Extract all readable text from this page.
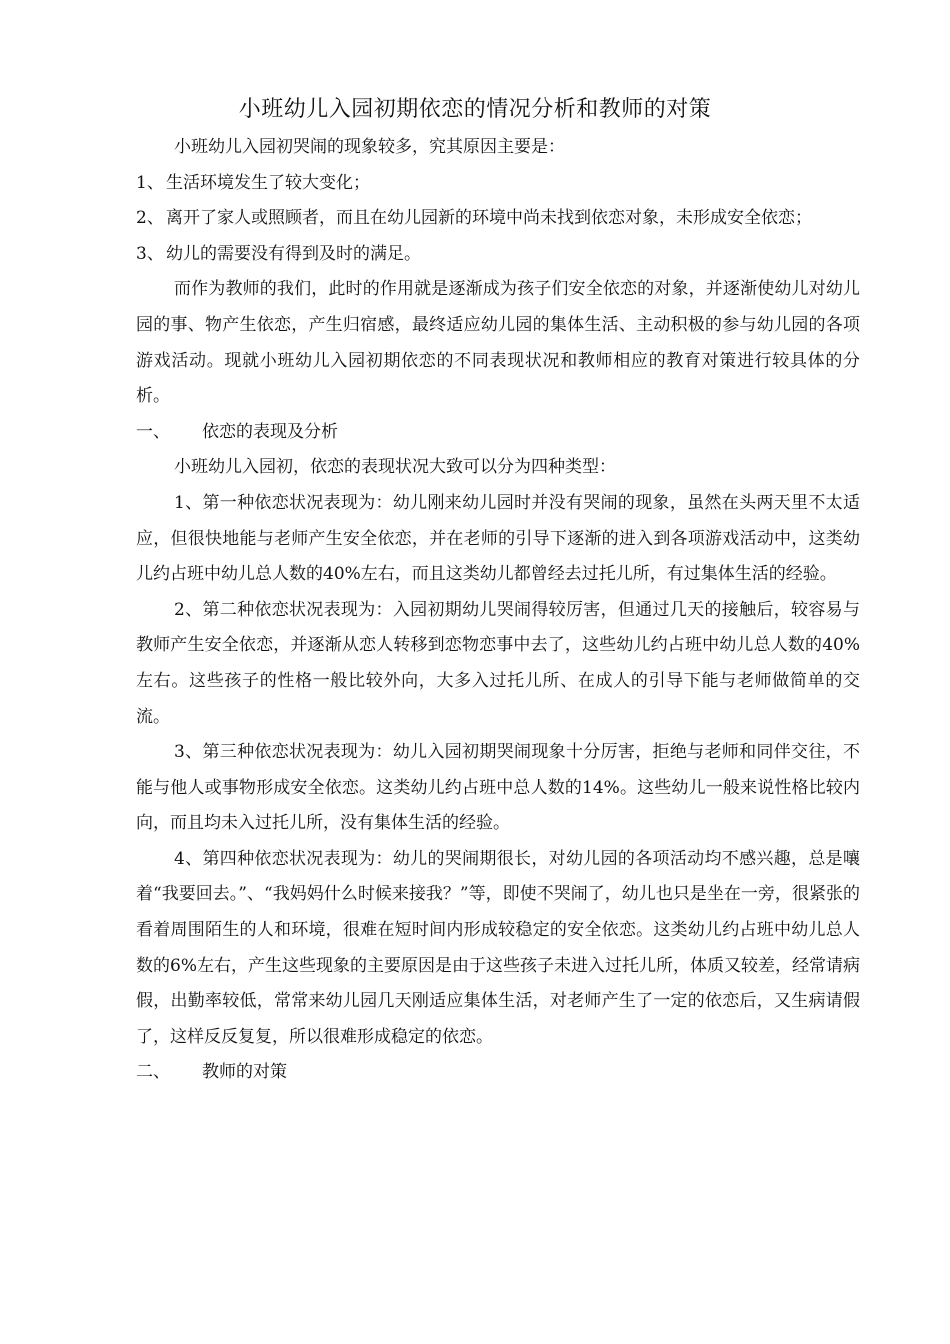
小班幼儿入园初期依恋的情况分析和教师的对策

小班幼儿入园初哭闹的现象较多，究其原因主要是：

1、 生活环境发生了较大变化；
2、 离开了家人或照顾者，而且在幼儿园新的环境中尚未找到依恋对象，未形成安全依恋；
3、 幼儿的需要没有得到及时的满足。

而作为教师的我们，此时的作用就是逐渐成为孩子们安全依恋的对象，并逐渐使幼儿对幼儿园的事、物产生依恋，产生归宿感，最终适应幼儿园的集体生活、主动积极的参与幼儿园的各项游戏活动。现就小班幼儿入园初期依恋的不同表现状况和教师相应的教育对策进行较具体的分析。

一、 依恋的表现及分析

小班幼儿入园初，依恋的表现状况大致可以分为四种类型：

1、第一种依恋状况表现为：幼儿刚来幼儿园时并没有哭闹的现象，虽然在头两天里不太适应，但很快地能与老师产生安全依恋，并在老师的引导下逐渐的进入到各项游戏活动中，这类幼儿约占班中幼儿总人数的40%左右，而且这类幼儿都曾经去过托儿所，有过集体生活的经验。

2、第二种依恋状况表现为：入园初期幼儿哭闹得较厉害，但通过几天的接触后，较容易与教师产生安全依恋，并逐渐从恋人转移到恋物恋事中去了，这些幼儿约占班中幼儿总人数的40%左右。这些孩子的性格一般比较外向，大多入过托儿所、在成人的引导下能与老师做简单的交流。

3、第三种依恋状况表现为：幼儿入园初期哭闹现象十分厉害，拒绝与老师和同伴交往，不能与他人或事物形成安全依恋。这类幼儿约占班中总人数的14%。这些幼儿一般来说性格比较内向，而且均未入过托儿所，没有集体生活的经验。

4、第四种依恋状况表现为：幼儿的哭闹期很长，对幼儿园的各项活动均不感兴趣，总是嚷着“我要回去。”、“我妈妈什么时候来接我？”等，即使不哭闹了，幼儿也只是坐在一旁，很紧张的看着周围陌生的人和环境，很难在短时间内形成较稳定的安全依恋。这类幼儿约占班中幼儿总人数的6%左右，产生这些现象的主要原因是由于这些孩子未进入过托儿所，体质又较差，经常请病假，出勤率较低，常常来幼儿园几天刚适应集体生活，对老师产生了一定的依恋后，又生病请假了，这样反反复复，所以很难形成稳定的依恋。

二、 教师的对策
